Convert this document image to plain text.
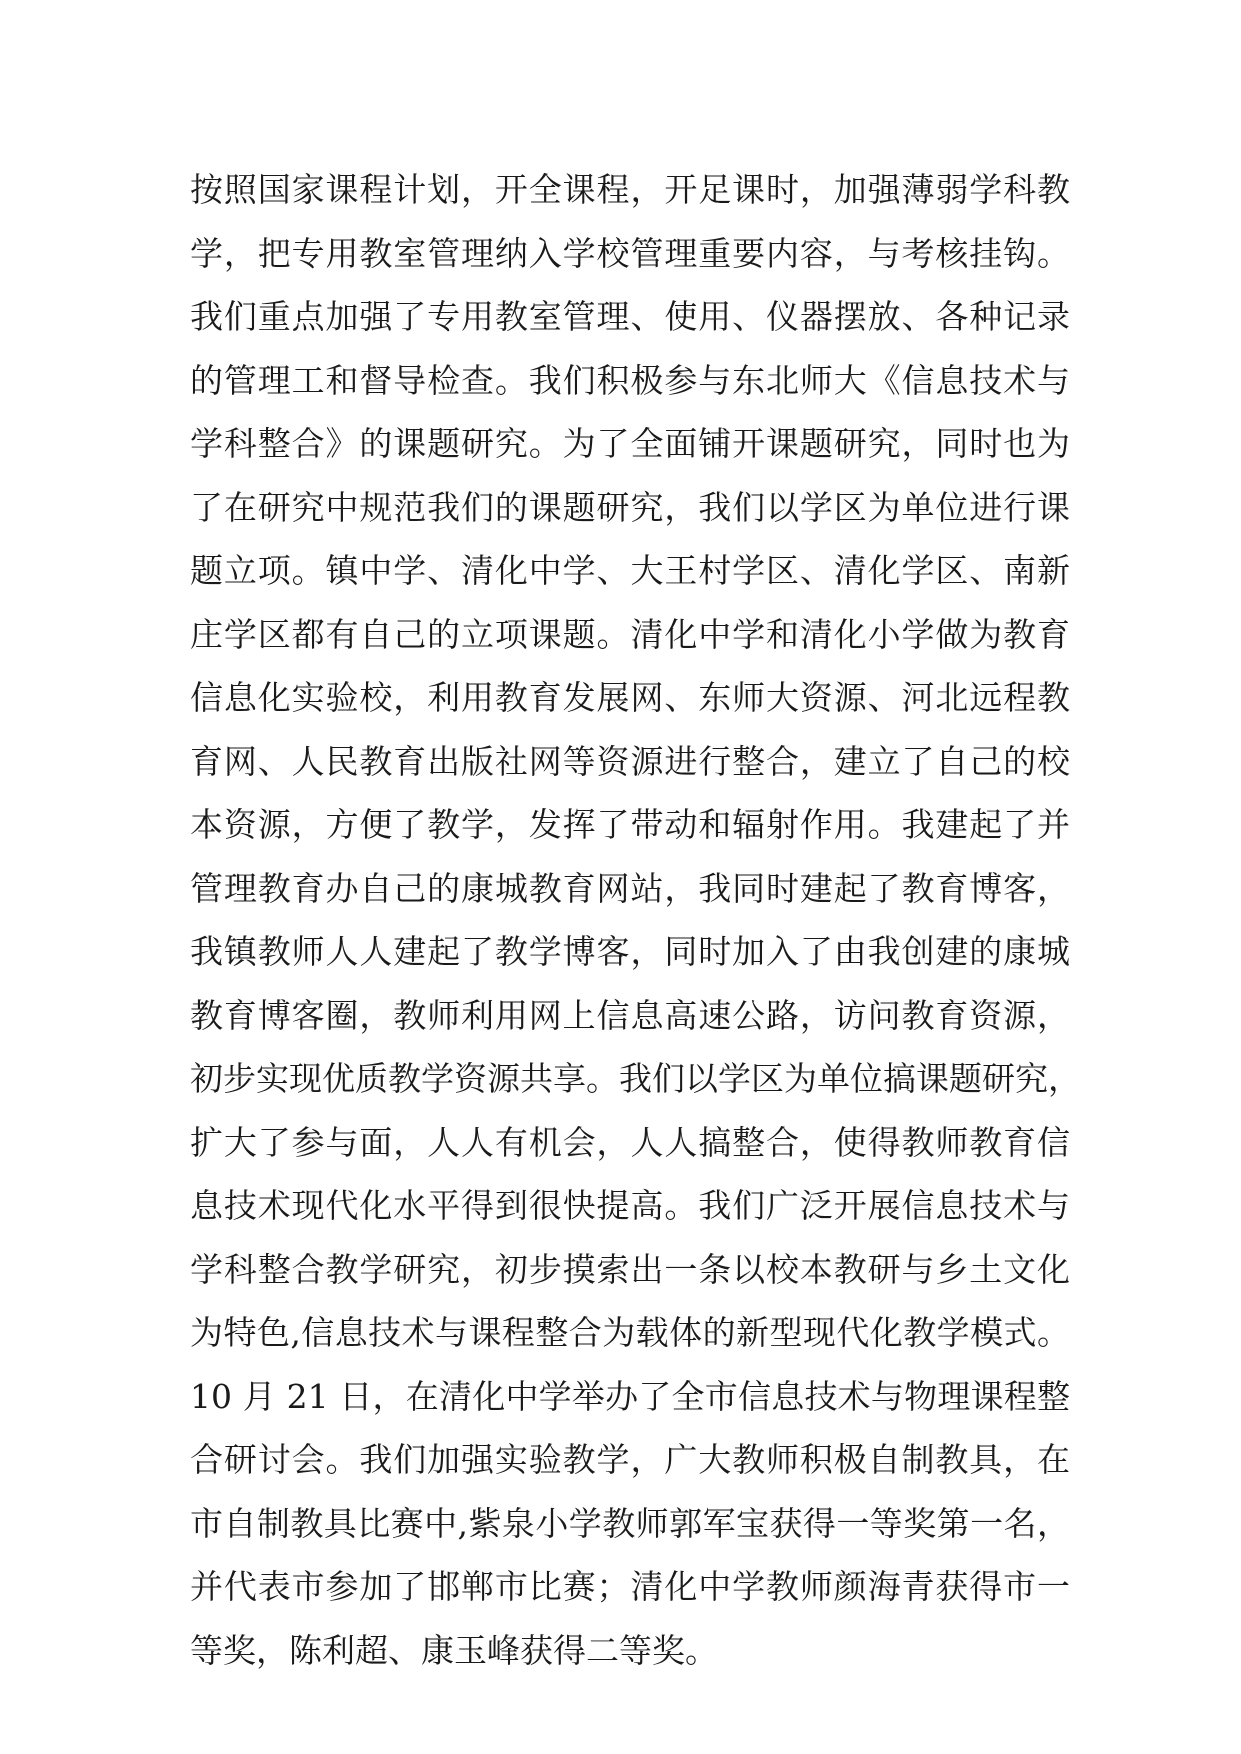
按照国家课程计划，开全课程，开足课时，加强薄弱学科教
学，把专用教室管理纳入学校管理重要内容，与考核挂钩。
我们重点加强了专用教室管理、使用、仪器摆放、各种记录
的管理工和督导检查。我们积极参与东北师大《信息技术与
学科整合》的课题研究。为了全面铺开课题研究，同时也为
了在研究中规范我们的课题研究，我们以学区为单位进行课
题立项。镇中学、清化中学、大王村学区、清化学区、南新
庄学区都有自己的立项课题。清化中学和清化小学做为教育
信息化实验校，利用教育发展网、东师大资源、河北远程教
育网、人民教育出版社网等资源进行整合，建立了自己的校
本资源，方便了教学，发挥了带动和辐射作用。我建起了并
管理教育办自己的康城教育网站，我同时建起了教育博客，
我镇教师人人建起了教学博客，同时加入了由我创建的康城
教育博客圈，教师利用网上信息高速公路，访问教育资源，
初步实现优质教学资源共享。我们以学区为单位搞课题研究，
扩大了参与面，人人有机会，人人搞整合，使得教师教育信
息技术现代化水平得到很快提高。我们广泛开展信息技术与
学科整合教学研究，初步摸索出一条以校本教研与乡土文化
为特色,信息技术与课程整合为载体的新型现代化教学模式。
10 月 21 日，在清化中学举办了全市信息技术与物理课程整
合研讨会。我们加强实验教学，广大教师积极自制教具，在
市自制教具比赛中,紫泉小学教师郭军宝获得一等奖第一名，
并代表市参加了邯郸市比赛；清化中学教师颜海青获得市一
等奖，陈利超、康玉峰获得二等奖。
